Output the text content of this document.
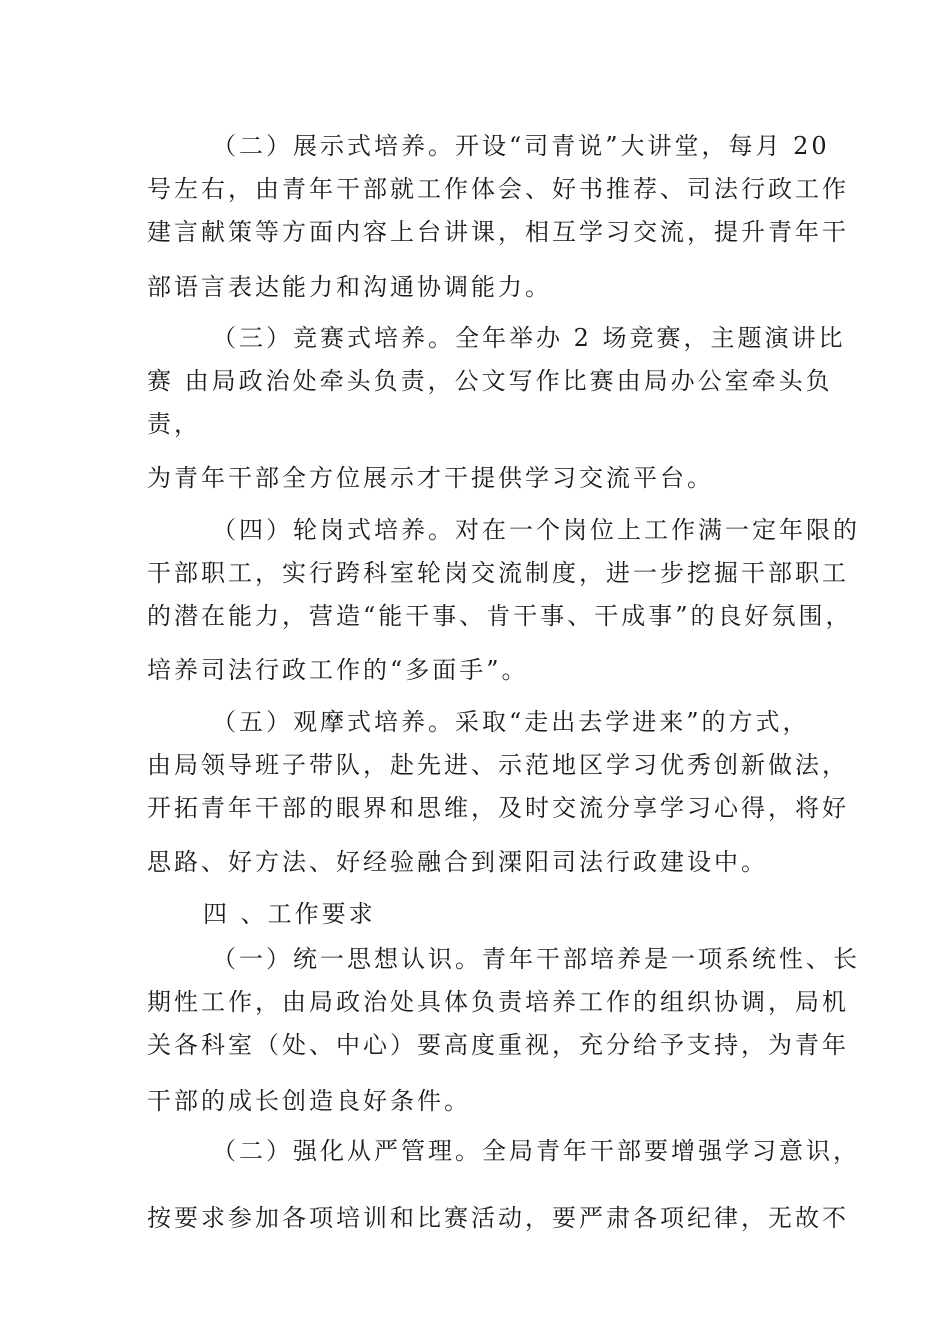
（二）展示式培养。开设“司青说”大讲堂，每月 20

号左右，由青年干部就工作体会、好书推荐、司法行政工作

建言献策等方面内容上台讲课，相互学习交流，提升青年干

部语言表达能力和沟通协调能力。

（三）竞赛式培养。全年举办 2 场竞赛，主题演讲比

赛 由局政治处牵头负责，公文写作比赛由局办公室牵头负

责，

为青年干部全方位展示才干提供学习交流平台。

（四）轮岗式培养。对在一个岗位上工作满一定年限的

干部职工，实行跨科室轮岗交流制度，进一步挖掘干部职工

的潜在能力，营造“能干事、肯干事、干成事”的良好氛围，

培养司法行政工作的“多面手”。

（五）观摩式培养。采取“走出去学进来”的方式，

由局领导班子带队，赴先进、示范地区学习优秀创新做法，

开拓青年干部的眼界和思维，及时交流分享学习心得，将好

思路、好方法、好经验融合到溧阳司法行政建设中。

四 、工作要求

（一）统一思想认识。青年干部培养是一项系统性、长

期性工作，由局政治处具体负责培养工作的组织协调，局机

关各科室（处、中心）要高度重视，充分给予支持，为青年

干部的成长创造良好条件。

（二）强化从严管理。全局青年干部要增强学习意识，

按要求参加各项培训和比赛活动，要严肃各项纪律，无故不
